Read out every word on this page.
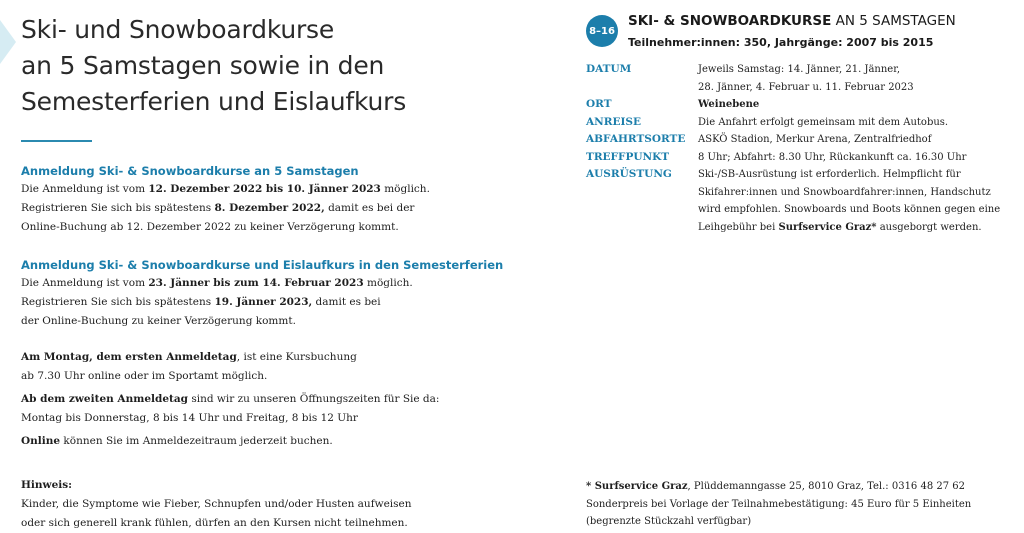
Ski- und Snowboardkurse
an 5 Samstagen sowie in den
Semesterferien und Eislaufkurs
Anmeldung Ski- & Snowboardkurse an 5 Samstagen
Die Anmeldung ist vom 12. Dezember 2022 bis 10. Jänner 2023 möglich.
Registrieren Sie sich bis spätestens 8. Dezember 2022, damit es bei der
Online-Buchung ab 12. Dezember 2022 zu keiner Verzögerung kommt.
Anmeldung Ski- & Snowboardkurse und Eislaufkurs in den Semesterferien
Die Anmeldung ist vom 23. Jänner bis zum 14. Februar 2023 möglich.
Registrieren Sie sich bis spätestens 19. Jänner 2023, damit es bei
der Online-Buchung zu keiner Verzögerung kommt.
Am Montag, dem ersten Anmeldetag, ist eine Kursbuchung
ab 7.30 Uhr online oder im Sportamt möglich.
Ab dem zweiten Anmeldetag sind wir zu unseren Öffnungszeiten für Sie da:
Montag bis Donnerstag, 8 bis 14 Uhr und Freitag, 8 bis 12 Uhr
Online können Sie im Anmeldezeitraum jederzeit buchen.
Hinweis:
Kinder, die Symptome wie Fieber, Schnupfen und/oder Husten aufweisen
oder sich generell krank fühlen, dürfen an den Kursen nicht teilnehmen.
8–16
SKI- & SNOWBOARDKURSE AN 5 SAMSTAGEN
Teilnehmer:innen: 350, Jahrgänge: 2007 bis 2015
DATUM	Jeweils Samstag: 14. Jänner, 21. Jänner,
28. Jänner, 4. Februar u. 11. Februar 2023
ORT	Weinebene
ANREISE	Die Anfahrt erfolgt gemeinsam mit dem Autobus.
ABFAHRTSORTE	ASKÖ Stadion, Merkur Arena, Zentralfriedhof
TREFFPUNKT	8 Uhr; Abfahrt: 8.30 Uhr, Rückankunft ca. 16.30 Uhr
AUSRÜSTUNG	Ski-/SB-Ausrüstung ist erforderlich. Helmpflicht für
Skifahrer:innen und Snowboardfahrer:innen, Handschutz
wird empfohlen. Snowboards und Boots können gegen eine
Leihgebühr bei Surfservice Graz* ausgeborgt werden.
* Surfservice Graz, Plüddemanngasse 25, 8010 Graz, Tel.: 0316 48 27 62
Sonderpreis bei Vorlage der Teilnahmebestätigung: 45 Euro für 5 Einheiten
(begrenzte Stückzahl verfügbar)
